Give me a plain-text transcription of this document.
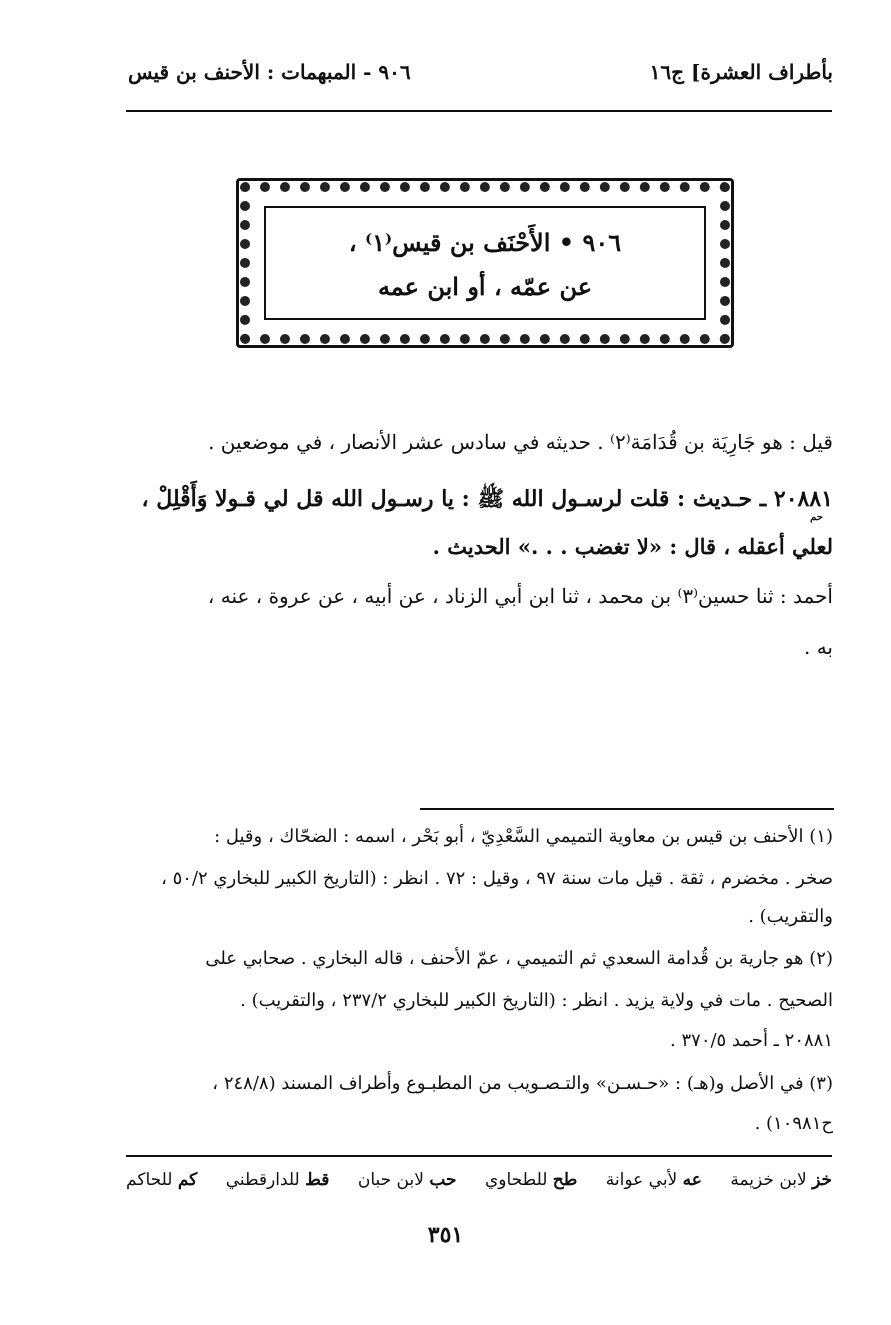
بأطراف العشرة] ج١٦
٩٠٦ - المبهمات : الأحنف بن قيس
٩٠٦ • الأَحْنَف بن قيس⁽١⁾ ،
عن عمّه ، أو ابن عمه
قيل : هو جَارِيَة بن قُدَامَة⁽٢⁾ . حديثه في سادس عشر الأنصار ، في موضعين .
٢٠٨٨١ ـ حـديث : قلت لرسـول الله ﷺ : يا رسـول الله قل لي قـولا وَأَقْلِلْ ،
حم
لعلي أعقله ، قال : «لا تغضب . . .» الحديث .
أحمد : ثنا حسين⁽٣⁾ بن محمد ، ثنا ابن أبي الزناد ، عن أبيه ، عن عروة ، عنه ،
به .
(١) الأحنف بن قيس بن معاوية التميمي السَّعْدِيّ ، أبو بَحْر ، اسمه : الضحّاك ، وقيل :
صخر . مخضرم ، ثقة . قيل مات سنة ٩٧ ، وقيل : ٧٢ . انظر : (التاريخ الكبير للبخاري ٥٠/٢ ،
والتقريب) .
(٢) هو جارية بن قُدامة السعدي ثم التميمي ، عمّ الأحنف ، قاله البخاري . صحابي على
الصحيح . مات في ولاية يزيد . انظر : (التاريخ الكبير للبخاري ٢٣٧/٢ ، والتقريب) .
٢٠٨٨١ ـ أحمد ٣٧٠/٥ .
(٣) في الأصل و(هـ) : «حـسـن» والتـصـويب من المطبـوع وأطراف المسند (٢٤٨/٨ ،
ح١٠٩٨١) .
خز لابن خزيمة
عه لأبي عوانة
طح للطحاوي
حب لابن حبان
قط للدارقطني
كم للحاكم
٣٥١
